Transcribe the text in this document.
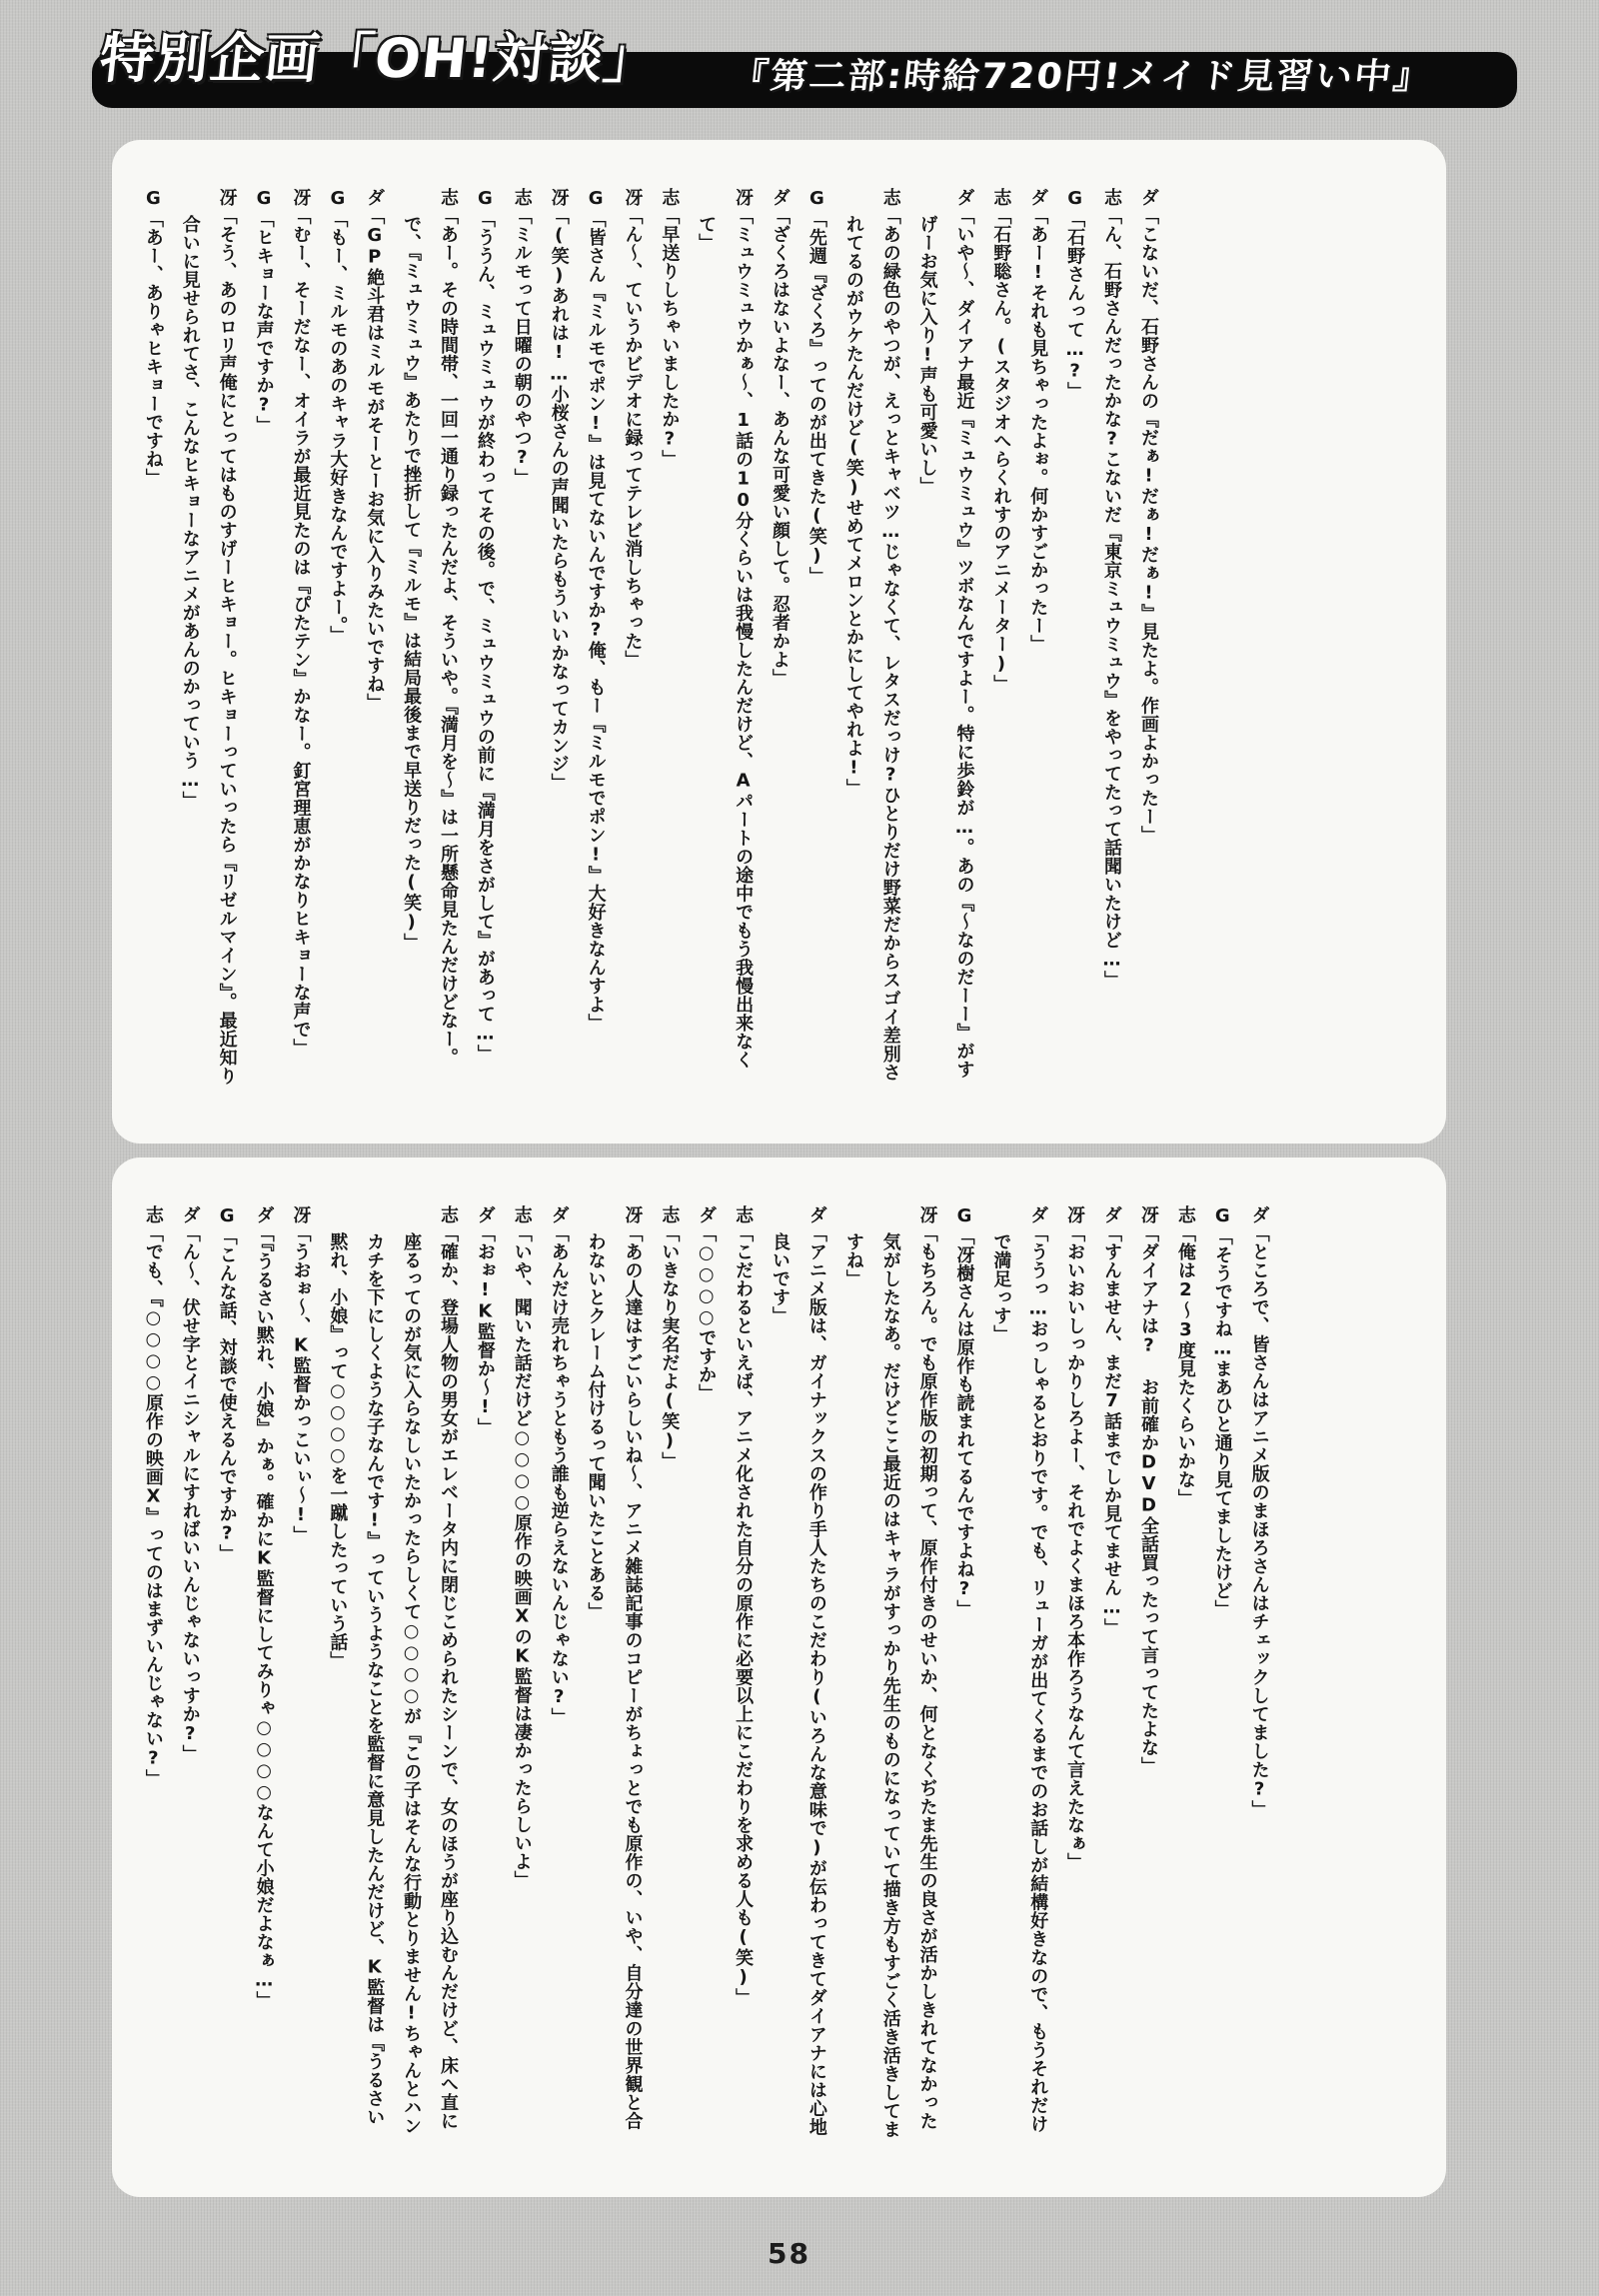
特別企画「OH!対談」 『第二部:時給720円!メイド見習い中』

ダ「こないだ、石野さんの『だぁ!だぁ!だぁ!』見たよ。作画よかったー」

志「ん、石野さんだったかな?こないだ『東京ミュウミュウ』をやってたって話聞いたけど…」

G「石野さんって…?」

ダ「あー!それも見ちゃったよぉ。何かすごかったー」

志「石野聡さん。(スタジオへらくれすのアニメーター)」

ダ「いや〜、ダイアナ最近『ミュウミュウ』ツボなんですよー。特に歩鈴が…。あの『〜なのだーー』がすげーお気に入り!声も可愛いし」

志「あの緑色のやつが、えっとキャベツ…じゃなくて、レタスだっけ?ひとりだけ野菜だからスゴイ差別されてるのがウケたんだけど(笑)せめてメロンとかにしてやれよ!」

G「先週『ざくろ』ってのが出てきた(笑)」

ダ「ざくろはないよなー、あんな可愛い顔して。忍者かよ」

冴「ミュウミュウかぁ〜、1話の10分くらいは我慢したんだけど、Aパートの途中でもう我慢出来なくて」

志「早送りしちゃいましたか?」

冴「ん〜、ていうかビデオに録ってテレビ消しちゃった」

G「皆さん『ミルモでポン!』は見てないんですか?俺、もー『ミルモでポン!』大好きなんすよ」

冴「(笑)あれは!…小桜さんの声聞いたらもういいかなってカンジ」

志「ミルモって日曜の朝のやつ?」

G「ううん、ミュウミュウが終わってその後。で、ミュウミュウの前に『満月をさがして』があって…」

志「あー。その時間帯、一回一通り録ったんだよ、そういや。『満月を〜』は一所懸命見たんだけどなー。で、『ミュウミュウ』あたりで挫折して『ミルモ』は結局最後まで早送りだった(笑)」

ダ「GP絶斗君はミルモがそーとーお気に入りみたいですね」

G「もー、ミルモのあのキャラ大好きなんですよー。」

冴「むー、そーだなー、オイラが最近見たのは『ぴたテン』かなー。釘宮理恵がかなりヒキョーな声で」

G「ヒキョーな声ですか?」

冴「そう、あのロリ声俺にとってはものすげーヒキョー。ヒキョーっていったら『リゼルマイン』。最近知り合いに見せられてさ、こんなヒキョーなアニメがあんのかっていう…」

G「あー、ありゃヒキョーですね」

ダ「ところで、皆さんはアニメ版のまほろさんはチェックしてました?」

G「そうですね…まあひと通り見てましたけど」

志「俺は2〜3度見たくらいかな」

冴「ダイアナは? お前確かDVD全話買ったって言ってたよな」

ダ「すんません、まだ7話までしか見てません…」

冴「おいおいしっかりしろよー、それでよくまほろ本作ろうなんて言えたなぁ」

ダ「ううっ…おっしゃるとおりです。でも、リューガが出てくるまでのお話しが結構好きなので、もうそれだけで満足っす」

G「冴樹さんは原作も読まれてるんですよね?」

冴「もちろん。でも原作版の初期って、原作付きのせいか、何となくぢたま先生の良さが活かしきれてなかった気がしたなあ。だけどここ最近のはキャラがすっかり先生のものになっていて描き方もすごく活き活きしてますね」

ダ「アニメ版は、ガイナックスの作り手人たちのこだわり(いろんな意味で)が伝わってきてダイアナには心地良いです」

志「こだわるといえば、アニメ化された自分の原作に必要以上にこだわりを求める人も(笑)」

ダ「○○○○ですか」

志「いきなり実名だよ(笑)」

冴「あの人達はすごいらしいね〜、アニメ雑誌記事のコピーがちょっとでも原作の、いや、自分達の世界観と合わないとクレーム付けるって聞いたことある」

ダ「あんだけ売れちゃうともう誰も逆らえないんじゃない?」

志「いや、聞いた話だけど○○○○原作の映画XのK監督は凄かったらしいよ」

ダ「おぉ!K監督か〜!」

志「確か、登場人物の男女がエレベータ内に閉じこめられたシーンで、女のほうが座り込むんだけど、床へ直に座るってのが気に入らなしいたかったらしくて○○○○が『この子はそんな行動とりません!ちゃんとハンカチを下にしくような子なんです!』っていうようなことを監督に意見したんだけど、K監督は『うるさい黙れ、小娘』って○○○○を一蹴したっていう話」

冴「うおぉ〜、K監督かっこいぃ〜!」

ダ「『うるさい黙れ、小娘』かぁ。確かにK監督にしてみりゃ○○○○なんて小娘だよなぁ…」

G「こんな話、対談で使えるんですか?」

ダ「ん〜、伏せ字とイニシャルにすればいいんじゃないっすか?」

志「でも、『○○○○原作の映画X』ってのはまずいんじゃない?」

58
